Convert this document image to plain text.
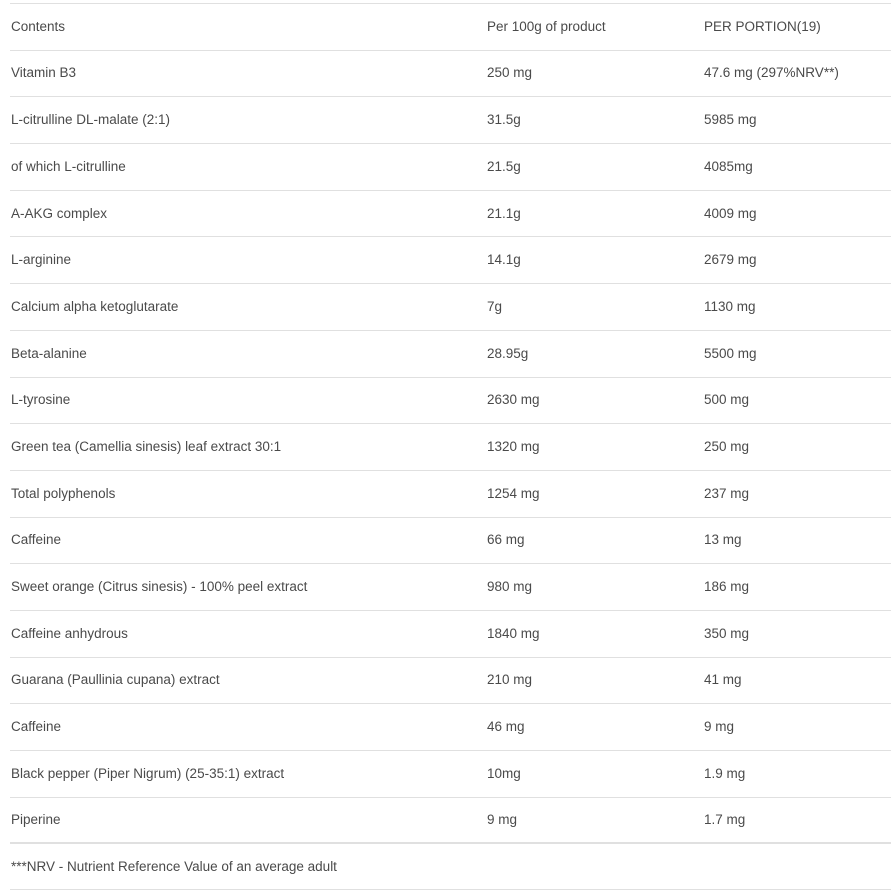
Contents	Per 100g of product	PER PORTION(19)
Vitamin B3	250 mg	47.6 mg (297%NRV**)
L-citrulline DL-malate (2:1)	31.5g	5985 mg
of which L-citrulline	21.5g	4085mg
A-AKG complex	21.1g	4009 mg
L-arginine	14.1g	2679 mg
Calcium alpha ketoglutarate	7g	1130 mg
Beta-alanine	28.95g	5500 mg
L-tyrosine	2630 mg	500 mg
Green tea (Camellia sinesis) leaf extract 30:1	1320 mg	250 mg
Total polyphenols	1254 mg	237 mg
Caffeine	66 mg	13 mg
Sweet orange (Citrus sinesis) - 100% peel extract	980 mg	186 mg
Caffeine anhydrous	1840 mg	350 mg
Guarana (Paullinia cupana) extract	210 mg	41 mg
Caffeine	46 mg	9 mg
Black pepper (Piper Nigrum) (25-35:1) extract	10mg	1.9 mg
Piperine	9 mg	1.7 mg
***NRV - Nutrient Reference Value of an average adult
